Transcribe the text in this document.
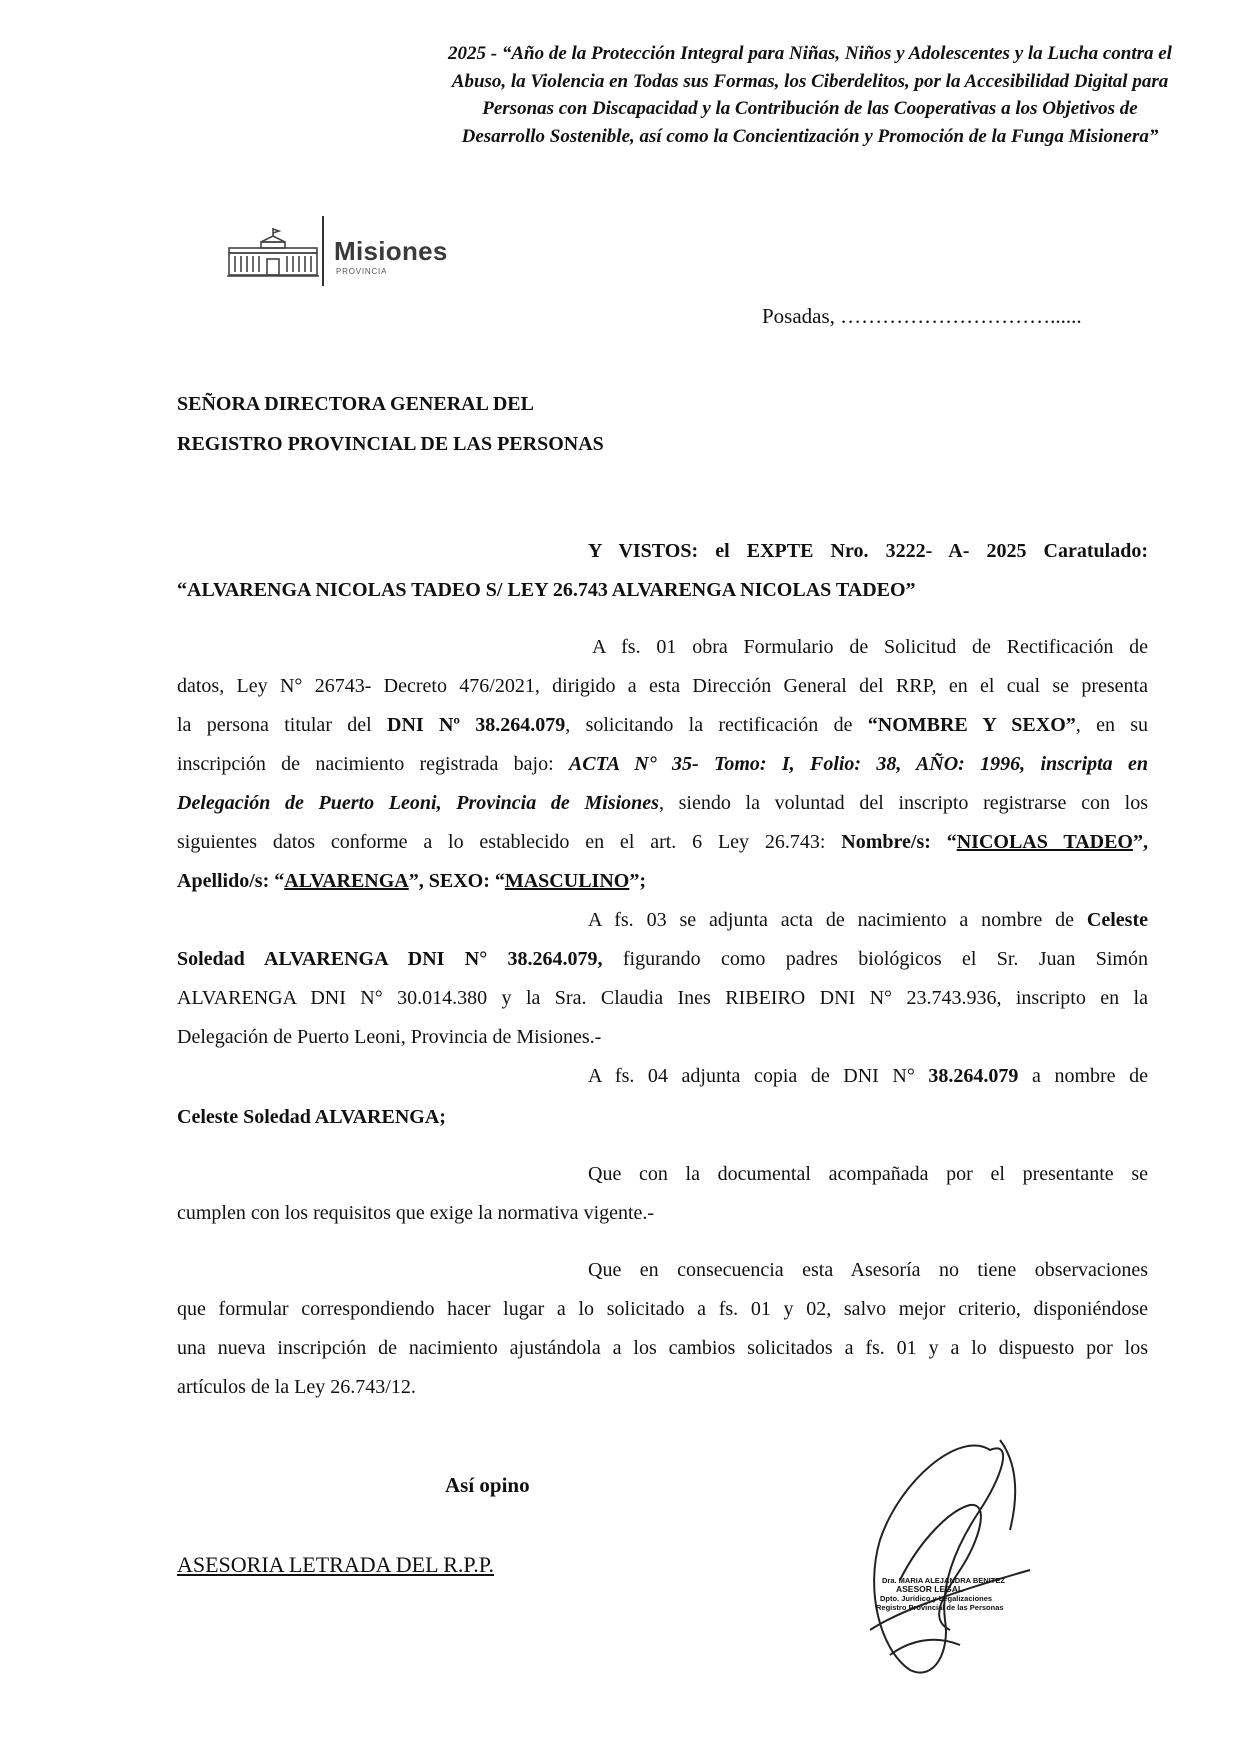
2025 - “Año de la Protección Integral para Niñas, Niños y Adolescentes y la Lucha contra el Abuso, la Violencia en Todas sus Formas, los Ciberdelitos, por la Accesibilidad Digital para Personas con Discapacidad y la Contribución de las Cooperativas a los Objetivos de Desarrollo Sostenible, así como la Concientización y Promoción de la Funga Misionera”
Misiones
PROVINCIA
Posadas, …………………………......
SEÑORA DIRECTORA GENERAL DEL
REGISTRO PROVINCIAL DE LAS PERSONAS
Y VISTOS: el EXPTE Nro. 3222- A- 2025 Caratulado:
“ALVARENGA NICOLAS TADEO S/ LEY 26.743 ALVARENGA NICOLAS TADEO”
A fs. 01 obra Formulario de Solicitud de Rectificación de
datos, Ley N° 26743- Decreto 476/2021, dirigido a esta Dirección General del RRP, en el cual se presenta
la persona titular del DNI Nº 38.264.079, solicitando la rectificación de “NOMBRE Y SEXO”, en su
inscripción de nacimiento registrada bajo: ACTA N° 35- Tomo: I, Folio: 38, AÑO: 1996, inscripta en
Delegación de Puerto Leoni, Provincia de Misiones, siendo la voluntad del inscripto registrarse con los
siguientes datos conforme a lo establecido en el art. 6 Ley 26.743: Nombre/s: “NICOLAS TADEO”,
Apellido/s: “ALVARENGA”, SEXO: “MASCULINO”;
A fs. 03 se adjunta acta de nacimiento a nombre de Celeste
Soledad ALVARENGA DNI N° 38.264.079, figurando como padres biológicos el Sr. Juan Simón
ALVARENGA DNI N° 30.014.380 y la Sra. Claudia Ines RIBEIRO DNI N° 23.743.936, inscripto en la
Delegación de Puerto Leoni, Provincia de Misiones.-
A fs. 04 adjunta copia de DNI N° 38.264.079 a nombre de
Celeste Soledad ALVARENGA;
Que con la documental acompañada por el presentante se
cumplen con los requisitos que exige la normativa vigente.-
Que en consecuencia esta Asesoría no tiene observaciones
que formular correspondiendo hacer lugar a lo solicitado a fs. 01 y 02, salvo mejor criterio, disponiéndose
una nueva inscripción de nacimiento ajustándola a los cambios solicitados a fs. 01 y a lo dispuesto por los
artículos de la Ley 26.743/12.
Así opino
ASESORIA LETRADA DEL R.P.P.
Dra. MARIA ALEJANDRA BENITEZ
ASESOR LEGAL
Dpto. Jurídico y Legalizaciones
Registro Provincial de las Personas
